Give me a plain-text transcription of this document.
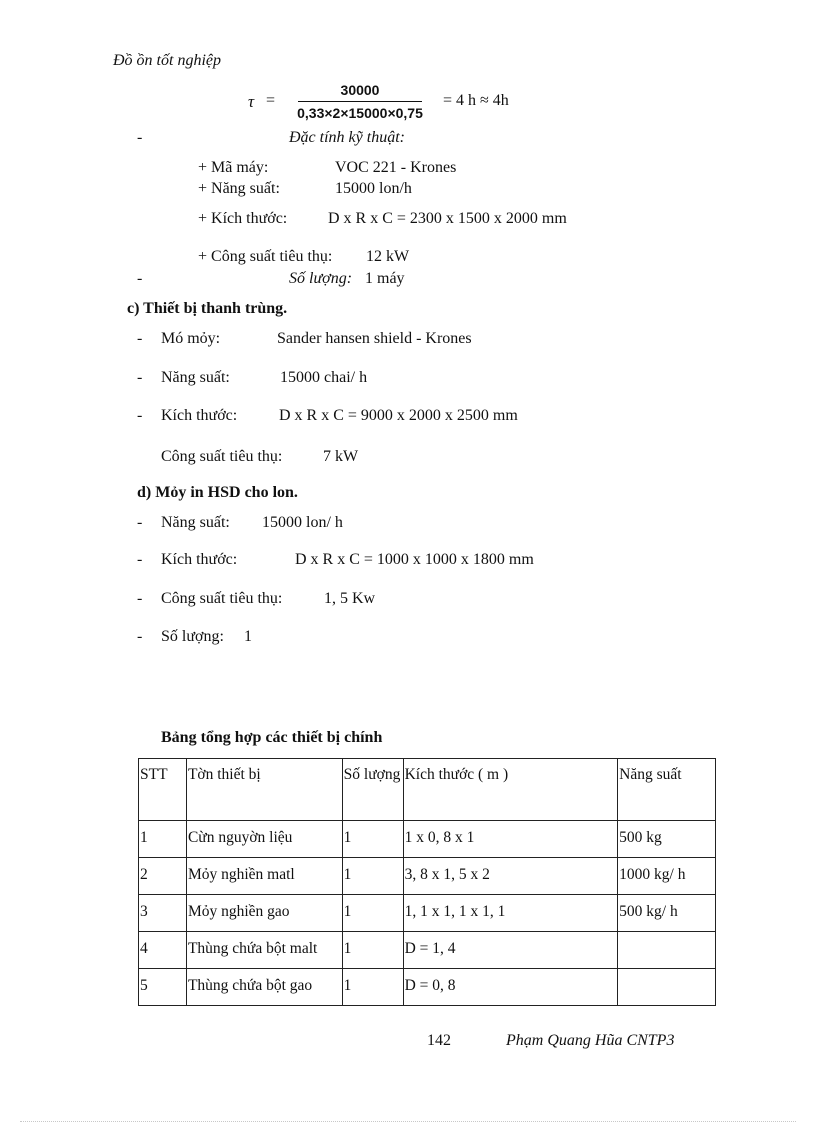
Đồ ồn tốt nghiệp
τ =
30000
0,33×2×15000×0,75
= 4 h ≈ 4h
-	Đặc tính kỹ thuật:
+ Mã máy:	VOC 221 - Krones
+ Năng suất:	15000 lon/h
+ Kích thước:	D x R x C = 2300 x 1500 x 2000 mm
+ Công suất tiêu thụ: 12 kW
-	Số lượng: 1 máy
c) Thiết bị thanh trùng.
- Mó mỏy:	Sander hansen shield - Krones
- Năng suất:	15000 chai/ h
- Kích thước:	D x R x C = 9000 x 2000 x 2500 mm
Công suất tiêu thụ:	7 kW
d) Mỏy in HSD cho lon.
- Năng suất: 15000 lon/ h
- Kích thước:	D x R x C = 1000 x 1000 x 1800 mm
- Công suất tiêu thụ:	1, 5 Kw
- Số lượng: 1
Bảng tổng hợp các thiết bị chính
STT	Tờn thiết bị	Số lượng	Kích thước ( m )	Năng suất
1	Cừn nguyờn liệu	1	1 x 0, 8 x 1	500 kg
2	Mỏy nghiền matl	1	3, 8 x 1, 5 x 2	1000 kg/ h
3	Mỏy nghiền gao	1	1, 1 x 1, 1 x 1, 1	500 kg/ h
4	Thùng chứa bột malt	1	D = 1, 4	
5	Thùng chứa bột gao	1	D = 0, 8	
142	Phạm Quang Hũa CNTP3
